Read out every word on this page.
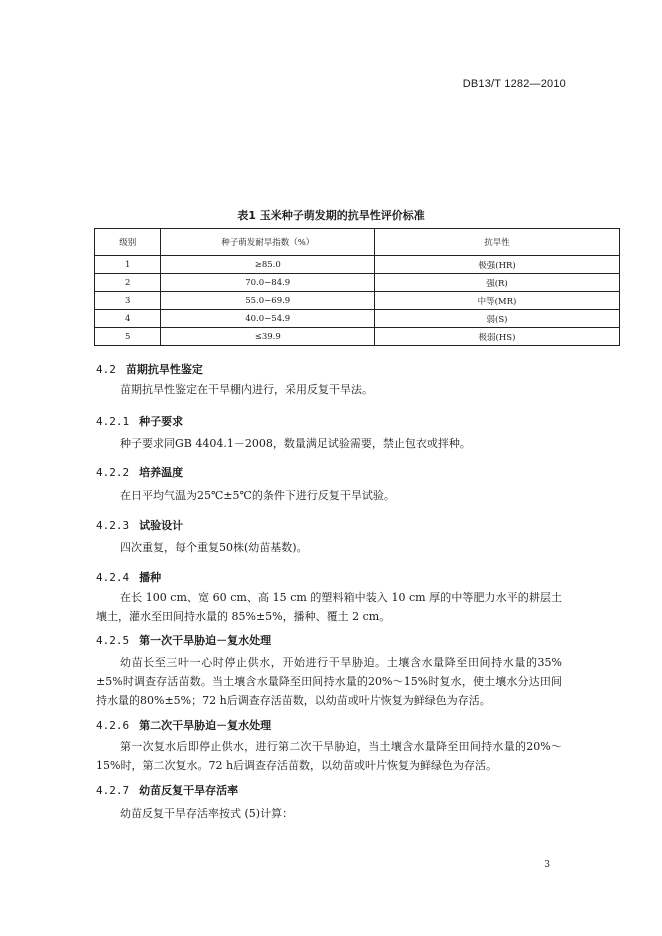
DB13/T 1282—2010
表1 玉米种子萌发期的抗旱性评价标准
级别	种子萌发耐旱指数（%）	抗旱性
1	≥85.0	极强(HR)
2	70.0−84.9	强(R)
3	55.0−69.9	中等(MR)
4	40.0−54.9	弱(S)
5	≤39.9	极弱(HS)
4.2 苗期抗旱性鉴定
苗期抗旱性鉴定在干旱棚内进行，采用反复干旱法。
4.2.1 种子要求
种子要求同GB 4404.1－2008，数量满足试验需要，禁止包衣或拌种。
4.2.2 培养温度
在日平均气温为25℃±5℃的条件下进行反复干旱试验。
4.2.3 试验设计
四次重复，每个重复50株(幼苗基数)。
4.2.4 播种
在长 100 cm、宽 60 cm、高 15 cm 的塑料箱中装入 10 cm 厚的中等肥力水平的耕层土壤土，灌水至田间持水量的 85%±5%，播种、覆土 2 cm。
4.2.5 第一次干旱胁迫－复水处理
幼苗长至三叶一心时停止供水，开始进行干旱胁迫。土壤含水量降至田间持水量的35%±5%时调查存活苗数。当土壤含水量降至田间持水量的20%～15%时复水，使土壤水分达田间持水量的80%±5%；72 h后调查存活苗数，以幼苗或叶片恢复为鲜绿色为存活。
4.2.6 第二次干旱胁迫－复水处理
第一次复水后即停止供水，进行第二次干旱胁迫，当土壤含水量降至田间持水量的20%～15%时，第二次复水。72 h后调查存活苗数，以幼苗或叶片恢复为鲜绿色为存活。
4.2.7 幼苗反复干旱存活率
幼苗反复干旱存活率按式 (5)计算：
3
